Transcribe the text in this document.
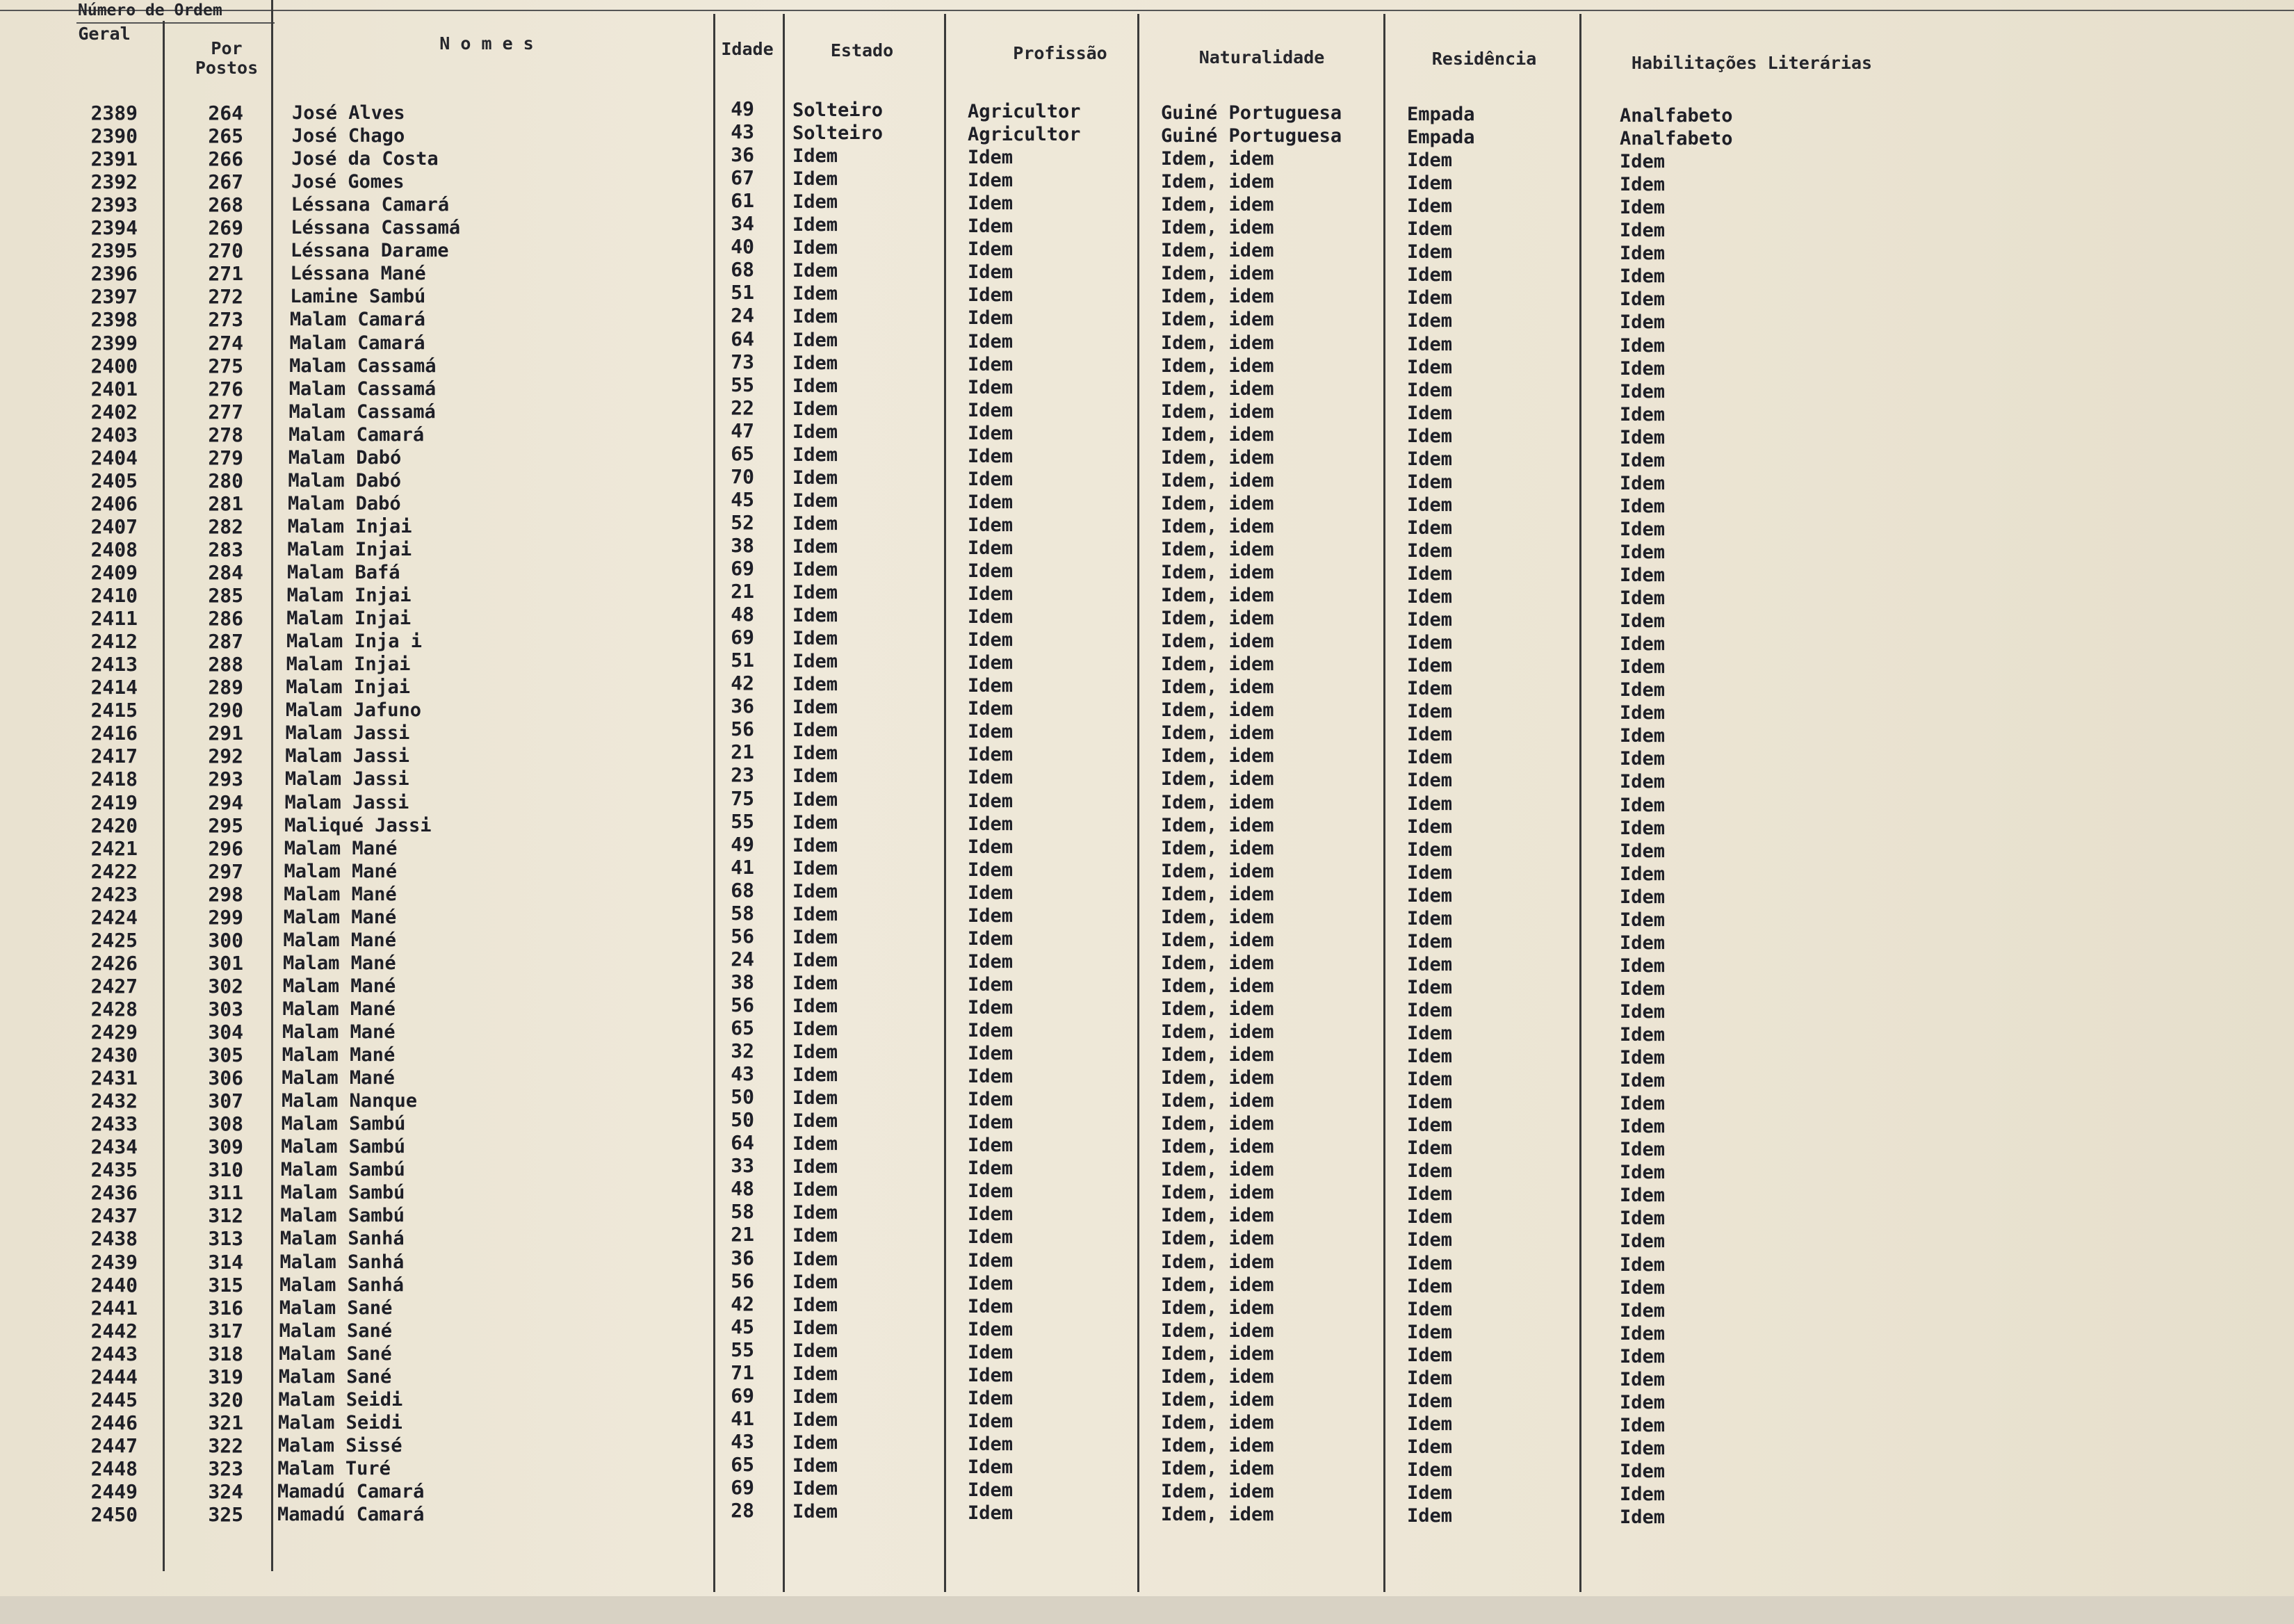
Número de Ordem
Geral
Por
Postos
N o m e s	Idade	Estado	Profissão	Naturalidade	Residência	Habilitações Literárias
2389	264	José Alves	49 Solteiro	Agricultor	Guiné Portuguesa	Empada	Analfabeto
2390	265	José Chago	43 Solteiro	Agricultor	Guiné Portuguesa	Empada	Analfabeto
2391	266	José da Costa	36 Idem	Idem	Idem, idem	Idem	Idem
2392	267	José Gomes	67 Idem	Idem	Idem, idem	Idem	Idem
2393	268	Léssana Camará	61 Idem	Idem	Idem, idem	Idem	Idem
2394	269	Léssana Cassamá	34 Idem	Idem	Idem, idem	Idem	Idem
2395	270	Léssana Darame	40 Idem	Idem	Idem, idem	Idem	Idem
2396	271	Léssana Mané	68 Idem	Idem	Idem, idem	Idem	Idem
2397	272 Lamine Sambú	51 Idem	Idem	Idem, idem	Idem	Idem
2398	273 Malam Camará	24 Idem	Idem	Idem, idem	Idem	Idem
2399	274 Malam Camará	64 Idem	Idem	Idem, idem	Idem	Idem
2400	275 Malam Cassamá	73 Idem	Idem	Idem, idem	Idem	Idem
2401	276 Malam Cassamá	55 Idem	Idem	Idem, idem	Idem	Idem
2402	277 Malam Cassamá	22 Idem	Idem	Idem, idem	Idem	Idem
2403	278 Malam Camará	47 Idem	Idem	Idem, idem	Idem	Idem
2404	279 Malam Dabó	65 Idem	Idem	Idem, idem	Idem	Idem
2405	280 Malam Dabó	70 Idem	Idem	Idem, idem	Idem	Idem
2406	281 Malam Dabó	45 Idem	Idem	Idem, idem	Idem	Idem
2407	282 Malam Injai	52 Idem	Idem	Idem, idem	Idem	Idem
2408	283 Malam Injai	38 Idem	Idem	Idem, idem	Idem	Idem
2409	284 Malam Bafá	69 Idem	Idem	Idem, idem	Idem	Idem
2410	285 Malam Injai	21 Idem	Idem	Idem, idem	Idem	Idem
2411	286 Malam Injai	48 Idem	Idem	Idem, idem	Idem	Idem
2412	287 Malam Inja i	69 Idem	Idem	Idem, idem	Idem	Idem
2413	288 Malam Injai	51 Idem	Idem	Idem, idem	Idem	Idem
2414	289 Malam Injai	42 Idem	Idem	Idem, idem	Idem	Idem
2415	290 Malam Jafuno	36 Idem	Idem	Idem, idem	Idem	Idem
2416	291 Malam Jassi	56 Idem	Idem	Idem, idem	Idem	Idem
2417	292 Malam Jassi	21 Idem	Idem	Idem, idem	Idem	Idem
2418	293 Malam Jassi	23 Idem	Idem	Idem, idem	Idem	Idem
2419	294 Malam Jassi	75 Idem	Idem	Idem, idem	Idem	Idem
2420	295 Maliqué Jassi	55 Idem	Idem	Idem, idem	Idem	Idem
2421	296 Malam Mané	49 Idem	Idem	Idem, idem	Idem	Idem
2422	297 Malam Mané	41 Idem	Idem	Idem, idem	Idem	Idem
2423	298 Malam Mané	68 Idem	Idem	Idem, idem	Idem	Idem
2424	299 Malam Mané	58 Idem	Idem	Idem, idem	Idem	Idem
2425	300 Malam Mané	56 Idem	Idem	Idem, idem	Idem	Idem
2426	301 Malam Mané	24 Idem	Idem	Idem, idem	Idem	Idem
2427	302 Malam Mané	38 Idem	Idem	Idem, idem	Idem	Idem
2428	303 Malam Mané	56 Idem	Idem	Idem, idem	Idem	Idem
2429	304 Malam Mané	65 Idem	Idem	Idem, idem	Idem	Idem
2430	305 Malam Mané	32 Idem	Idem	Idem, idem	Idem	Idem
2431	306 Malam Mané	43 Idem	Idem	Idem, idem	Idem	Idem
2432	307 Malam Nanque	50 Idem	Idem	Idem, idem	Idem	Idem
2433	308 Malam Sambú	50 Idem	Idem	Idem, idem	Idem	Idem
2434	309 Malam Sambú	64 Idem	Idem	Idem, idem	Idem	Idem
2435	310 Malam Sambú	33 Idem	Idem	Idem, idem	Idem	Idem
2436	311 Malam Sambú	48 Idem	Idem	Idem, idem	Idem	Idem
2437	312 Malam Sambú	58 Idem	Idem	Idem, idem	Idem	Idem
2438	313 Malam Sanhá	21 Idem	Idem	Idem, idem	Idem	Idem
2439	314 Malam Sanhá	36 Idem	Idem	Idem, idem	Idem	Idem
2440	315 Malam Sanhá	56 Idem	Idem	Idem, idem	Idem	Idem
2441	316 Malam Sané	42 Idem	Idem	Idem, idem	Idem	Idem
2442	317 Malam Sané	45 Idem	Idem	Idem, idem	Idem	Idem
2443	318 Malam Sané	55 Idem	Idem	Idem, idem	Idem	Idem
2444	319 Malam Sané	71 Idem	Idem	Idem, idem	Idem	Idem
2445	320 Malam Seidi	69 Idem	Idem	Idem, idem	Idem	Idem
2446	321 Malam Seidi	41 Idem	Idem	Idem, idem	Idem	Idem
2447	322 Malam Sissé	43 Idem	Idem	Idem, idem	Idem	Idem
2448	323 Malam Turé	65 Idem	Idem	Idem, idem	Idem	Idem
2449	324 Mamadú Camará	69 Idem	Idem	Idem, idem	Idem	Idem
2450	325 Mamadú Camará	28 Idem	Idem	Idem, idem	Idem	Idem
